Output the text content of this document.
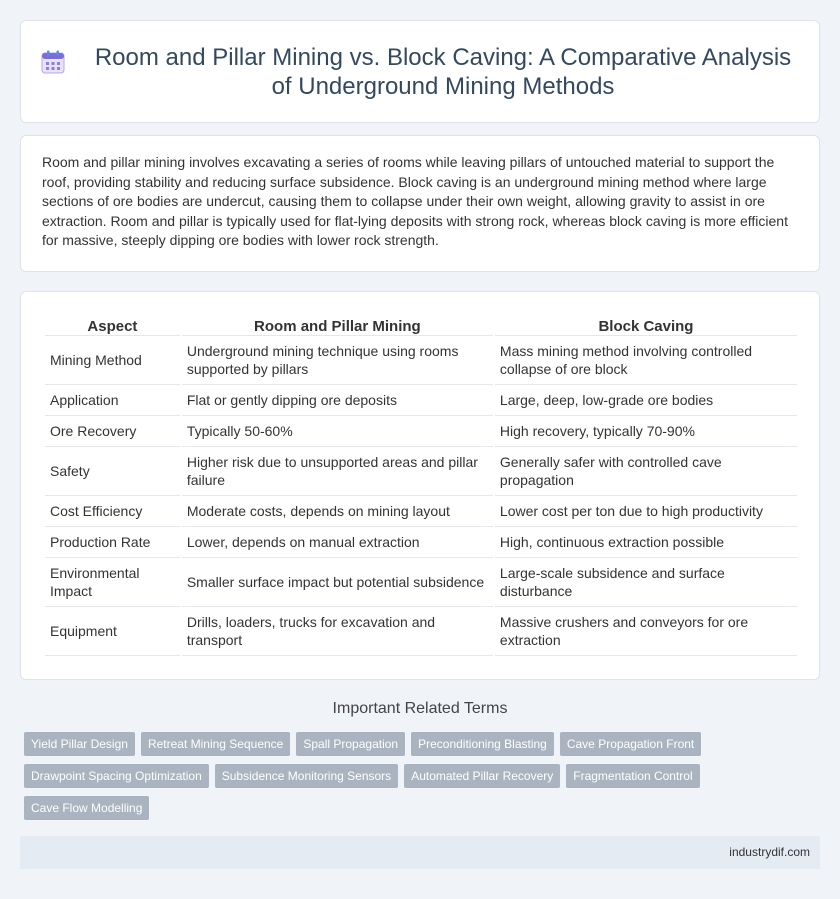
Room and Pillar Mining vs. Block Caving: A Comparative Analysis of Underground Mining Methods

Room and pillar mining involves excavating a series of rooms while leaving pillars of untouched material to support the roof, providing stability and reducing surface subsidence. Block caving is an underground mining method where large sections of ore bodies are undercut, causing them to collapse under their own weight, allowing gravity to assist in ore extraction. Room and pillar is typically used for flat-lying deposits with strong rock, whereas block caving is more efficient for massive, steeply dipping ore bodies with lower rock strength.

Aspect	Room and Pillar Mining	Block Caving
Mining Method	Underground mining technique using rooms supported by pillars	Mass mining method involving controlled collapse of ore block
Application	Flat or gently dipping ore deposits	Large, deep, low-grade ore bodies
Ore Recovery	Typically 50-60%	High recovery, typically 70-90%
Safety	Higher risk due to unsupported areas and pillar failure	Generally safer with controlled cave propagation
Cost Efficiency	Moderate costs, depends on mining layout	Lower cost per ton due to high productivity
Production Rate	Lower, depends on manual extraction	High, continuous extraction possible
Environmental Impact	Smaller surface impact but potential subsidence	Large-scale subsidence and surface disturbance
Equipment	Drills, loaders, trucks for excavation and transport	Massive crushers and conveyors for ore extraction
Important Related Terms
Yield Pillar Design	Retreat Mining Sequence	Spall Propagation	Preconditioning Blasting	Cave Propagation Front
Drawpoint Spacing Optimization	Subsidence Monitoring Sensors	Automated Pillar Recovery	Fragmentation Control
Cave Flow Modelling
industrydif.com
